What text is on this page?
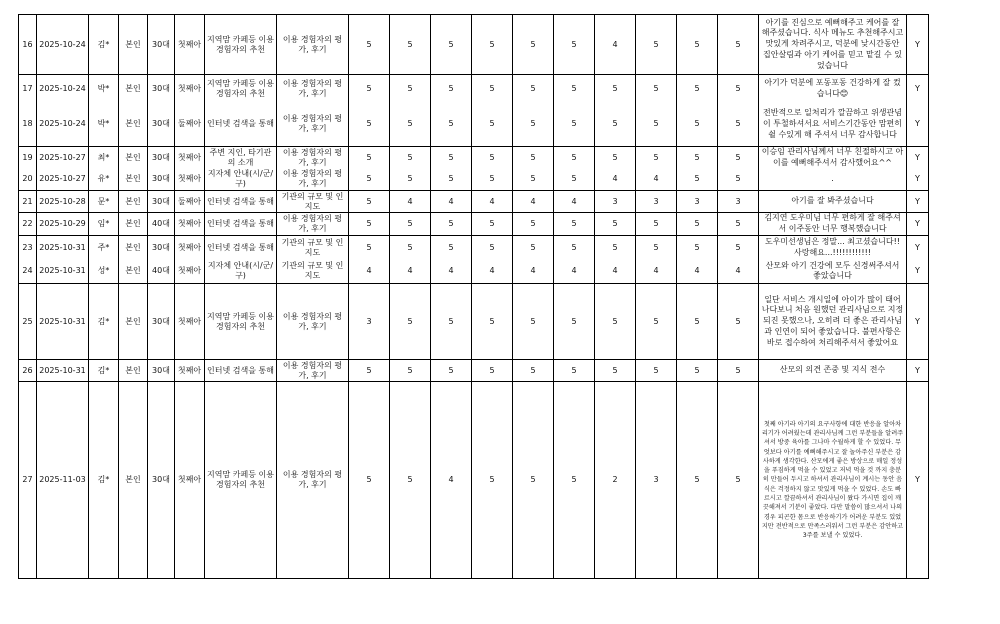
16	2025-10-24	김*	본인	30대	첫째아	지역맘 카페등 이용 경험자의 추천	이용 경험자의 평가, 후기	5	5	5	5	5	5	4	5	5	5	아기를 진심으로 예뻐해주고 케어를 잘 해주셨습니다. 식사 메뉴도 추천해주시고 맛있게 차려주시고, 덕분에 낮시간동안 집안살림과 아기 케어를 믿고 맡길 수 있었습니다	Y
17	2025-10-24	박*	본인	30대	첫째아	지역맘 카페등 이용 경험자의 추천	이용 경험자의 평가, 후기	5	5	5	5	5	5	5	5	5	5	아기가 덕분에 포동포동 건강하게 잘 컸습니다😊	Y
18	2025-10-24	박*	본인	30대	둘째아	인터넷 검색을 통해	이용 경험자의 평가, 후기	5	5	5	5	5	5	5	5	5	5	전반적으로 일처리가 깔끔하고 위생관념이 투철하셔서요 서비스기간동안 맘편히 쉴 수있게 해 주셔서 너무 감사합니다	Y
19	2025-10-27	최*	본인	30대	첫째아	주변 지인, 타기관의 소개	이용 경험자의 평가, 후기	5	5	5	5	5	5	5	5	5	5	이승임 관리사님께서 너무 친절하시고 아이를 예뻐해주셔서 감사했어요^^	Y
20	2025-10-27	유*	본인	30대	첫째아	지자체 안내(시/군/구)	이용 경험자의 평가, 후기	5	5	5	5	5	5	4	4	5	5	.	Y
21	2025-10-28	문*	본인	30대	둘째아	인터넷 검색을 통해	기관의 규모 및 인지도	5	4	4	4	4	4	3	3	3	3	아기를 잘 봐주셨습니다	Y
22	2025-10-29	임*	본인	40대	첫째아	인터넷 검색을 통해	이용 경험자의 평가, 후기	5	5	5	5	5	5	5	5	5	5	김지연 도우미님 너무 편하게 잘 해주셔서 이주동안 너무 행복했습니다	Y
23	2025-10-31	주*	본인	30대	첫째아	인터넷 검색을 통해	기관의 규모 및 인지도	5	5	5	5	5	5	5	5	5	5	도우미선생님은 정말... 최고셨습니다!! 사랑해요...!!!!!!!!!!!!	Y
24	2025-10-31	성*	본인	40대	첫째아	지자체 안내(시/군/구)	기관의 규모 및 인지도	4	4	4	4	4	4	4	4	4	4	산모와 아기 건강에 모두 신경써주셔서 좋았습니다	Y
25	2025-10-31	김*	본인	30대	첫째아	지역맘 카페등 이용 경험자의 추천	이용 경험자의 평가, 후기	3	5	5	5	5	5	5	5	5	5	일단 서비스 개시일에 아이가 많이 태어나다보니 처음 원했던 관리사님으로 지정되진 못했으나, 오히려 더 좋은 관리사님과 인연이 되어 좋았습니다. 불편사항은 바로 접수하여 처리해주셔서 좋았어요	Y
26	2025-10-31	김*	본인	30대	첫째아	인터넷 검색을 통해	이용 경험자의 평가, 후기	5	5	5	5	5	5	5	5	5	5	산모의 의견 존중 및 지식 전수	Y
27	2025-11-03	김*	본인	30대	첫째아	지역맘 카페등 이용 경험자의 추천	이용 경험자의 평가, 후기	5	5	4	5	5	5	2	3	5	5	첫째 아기라 아기의 요구사항에 대한 반응을 알아차리기가 어려웠는데 관리사님께 그런 부분들을 알려주셔서 방중 육아를 그나마 수월하게 할 수 있었다. 무엇보다 아기를 예뻐해주시고 잘 놀아주신 부분은 감사하게 생각한다. 산모에게 좋은 방상으로 매일 정성을 푸짐하게 먹을 수 있었고 저녁 먹을 것 까지 충분히 만들어 두시고 하셔서 관리사님이 계시는 동안 음식은 걱정하지 않고 맛있게 먹을 수 있었다. 손도 빠르시고 깔끔하셔서 관리사님이 왔다 가시면 집이 깨끗해져서 기분이 좋았다. 다만 말씀이 많으셔서 나의 경우 피곤한 몸으로 반응하기가 어려운 부분도 있었지만 전반적으로 만족스러워서 그런 부분은 감안하고 3주를 보낼 수 있었다.	Y
